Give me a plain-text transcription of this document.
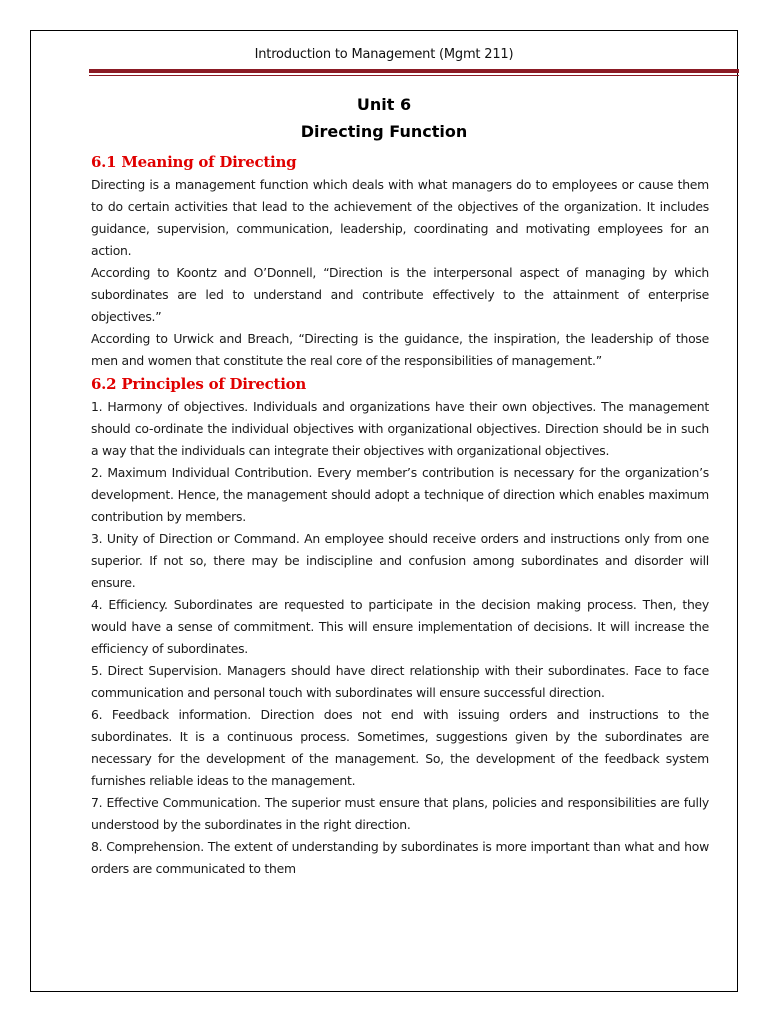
Introduction to Management (Mgmt 211)
Unit 6
Directing Function
6.1 Meaning of Directing

Directing is a management function which deals with what managers do to employees or cause them to do certain activities that lead to the achievement of the objectives of the organization. It includes guidance, supervision, communication, leadership, coordinating and motivating employees for an action.

According to Koontz and O’Donnell, “Direction is the interpersonal aspect of managing by which subordinates are led to understand and contribute effectively to the attainment of enterprise objectives.”

According to Urwick and Breach, “Directing is the guidance, the inspiration, the leadership of those men and women that constitute the real core of the responsibilities of management.”

6.2 Principles of Direction

1. Harmony of objectives. Individuals and organizations have their own objectives. The management should co-ordinate the individual objectives with organizational objectives. Direction should be in such a way that the individuals can integrate their objectives with organizational objectives.

2. Maximum Individual Contribution. Every member’s contribution is necessary for the organization’s development. Hence, the management should adopt a technique of direction which enables maximum contribution by members.

3. Unity of Direction or Command. An employee should receive orders and instructions only from one superior. If not so, there may be indiscipline and confusion among subordinates and disorder will ensure.

4. Efficiency. Subordinates are requested to participate in the decision making process. Then, they would have a sense of commitment. This will ensure implementation of decisions. It will increase the efficiency of subordinates.

5. Direct Supervision. Managers should have direct relationship with their subordinates. Face to face communication and personal touch with subordinates will ensure successful direction.

6. Feedback information. Direction does not end with issuing orders and instructions to the subordinates. It is a continuous process. Sometimes, suggestions given by the subordinates are necessary for the development of the management. So, the development of the feedback system furnishes reliable ideas to the management.

7. Effective Communication. The superior must ensure that plans, policies and responsibilities are fully understood by the subordinates in the right direction.

8. Comprehension. The extent of understanding by subordinates is more important than what and how orders are communicated to them
